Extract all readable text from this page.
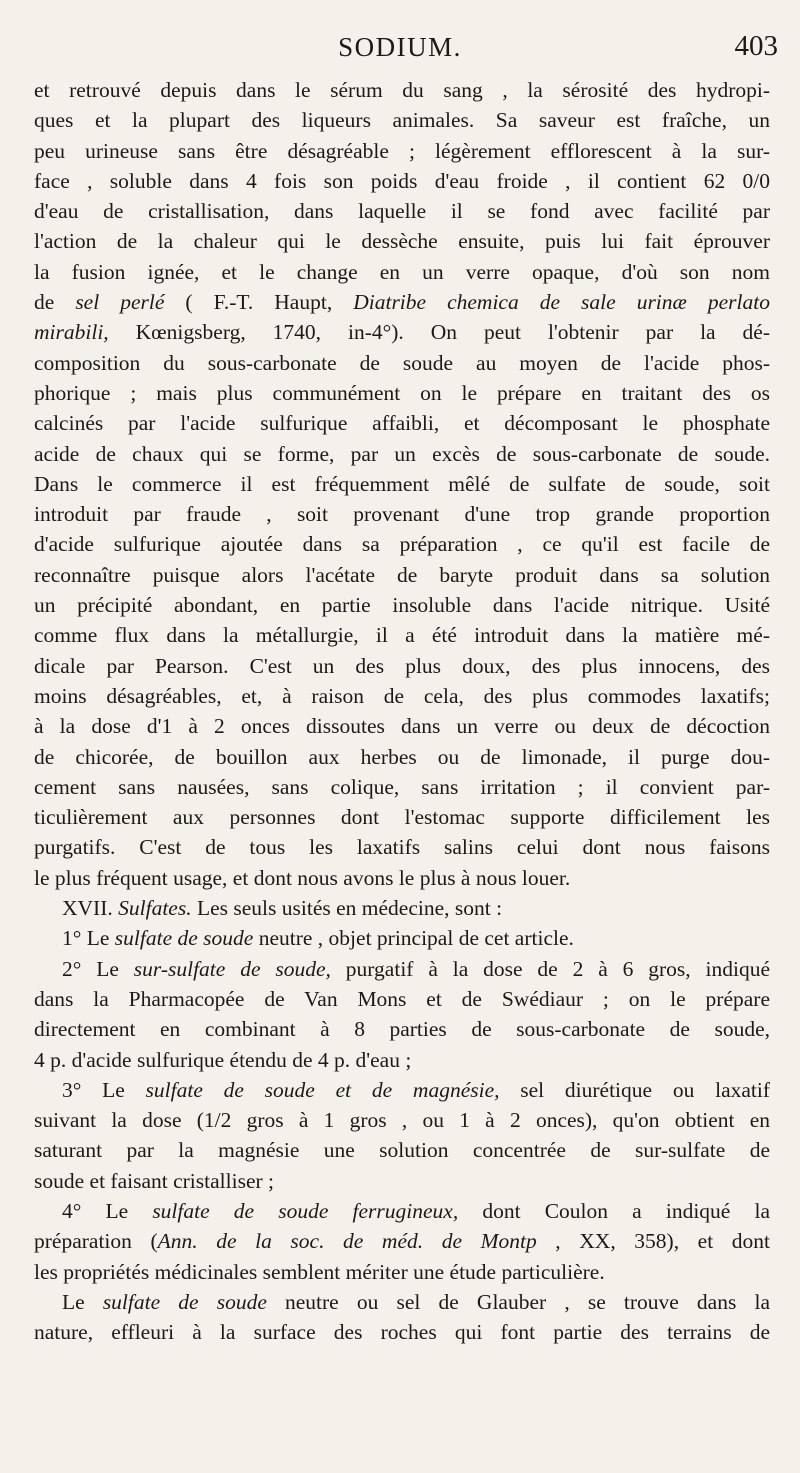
SODIUM.	403
et retrouvé depuis dans le sérum du sang , la sérosité des hydropi-
ques et la plupart des liqueurs animales. Sa saveur est fraîche, un
peu urineuse sans être désagréable ; légèrement efflorescent à la sur-
face , soluble dans 4 fois son poids d'eau froide , il contient 62 0/0
d'eau de cristallisation, dans laquelle il se fond avec facilité par
l'action de la chaleur qui le dessèche ensuite, puis lui fait éprouver
la fusion ignée, et le change en un verre opaque, d'où son nom
de sel perlé ( F.-T. Haupt, Diatribe chemica de sale urinæ perlato
mirabili, Kœnigsberg, 1740, in-4°). On peut l'obtenir par la dé-
composition du sous-carbonate de soude au moyen de l'acide phos-
phorique ; mais plus communément on le prépare en traitant des os
calcinés par l'acide sulfurique affaibli, et décomposant le phosphate
acide de chaux qui se forme, par un excès de sous-carbonate de soude.
Dans le commerce il est fréquemment mêlé de sulfate de soude, soit
introduit par fraude , soit provenant d'une trop grande proportion
d'acide sulfurique ajoutée dans sa préparation , ce qu'il est facile de
reconnaître puisque alors l'acétate de baryte produit dans sa solution
un précipité abondant, en partie insoluble dans l'acide nitrique. Usité
comme flux dans la métallurgie, il a été introduit dans la matière mé-
dicale par Pearson. C'est un des plus doux, des plus innocens, des
moins désagréables, et, à raison de cela, des plus commodes laxatifs;
à la dose d'1 à 2 onces dissoutes dans un verre ou deux de décoction
de chicorée, de bouillon aux herbes ou de limonade, il purge dou-
cement sans nausées, sans colique, sans irritation ; il convient par-
ticulièrement aux personnes dont l'estomac supporte difficilement les
purgatifs. C'est de tous les laxatifs salins celui dont nous faisons
le plus fréquent usage, et dont nous avons le plus à nous louer.
XVII. Sulfates. Les seuls usités en médecine, sont :
1° Le sulfate de soude neutre , objet principal de cet article.
2° Le sur-sulfate de soude, purgatif à la dose de 2 à 6 gros, indiqué
dans la Pharmacopée de Van Mons et de Swédiaur ; on le prépare
directement en combinant à 8 parties de sous-carbonate de soude,
4 p. d'acide sulfurique étendu de 4 p. d'eau ;
3° Le sulfate de soude et de magnésie, sel diurétique ou laxatif
suivant la dose (1/2 gros à 1 gros , ou 1 à 2 onces), qu'on obtient en
saturant par la magnésie une solution concentrée de sur-sulfate de
soude et faisant cristalliser ;
4° Le sulfate de soude ferrugineux, dont Coulon a indiqué la
préparation (Ann. de la soc. de méd. de Montp , XX, 358), et dont
les propriétés médicinales semblent mériter une étude particulière.
Le sulfate de soude neutre ou sel de Glauber , se trouve dans la
nature, effleuri à la surface des roches qui font partie des terrains de
